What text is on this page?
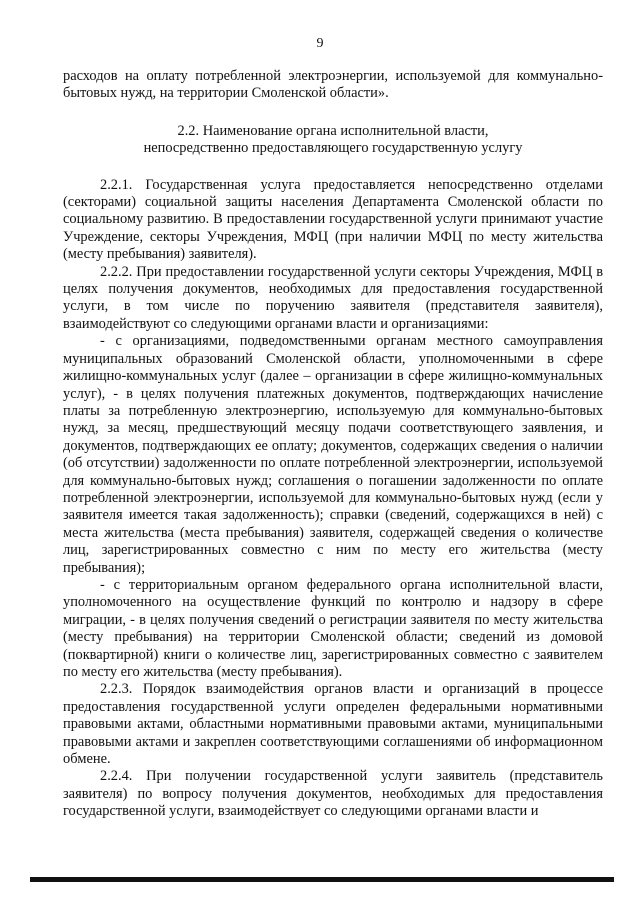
9

расходов на оплату потребленной электроэнергии, используемой для коммунально-бытовых нужд, на территории Смоленской области».

2.2. Наименование органа исполнительной власти,

непосредственно предоставляющего государственную услугу

2.2.1. Государственная услуга предоставляется непосредственно отделами (секторами) социальной защиты населения Департамента Смоленской области по социальному развитию. В предоставлении государственной услуги принимают участие Учреждение, секторы Учреждения, МФЦ (при наличии МФЦ по месту жительства (месту пребывания) заявителя).

2.2.2. При предоставлении государственной услуги секторы Учреждения, МФЦ в целях получения документов, необходимых для предоставления государственной услуги, в том числе по поручению заявителя (представителя заявителя), взаимодействуют со следующими органами власти и организациями:

- с организациями, подведомственными органам местного самоуправления муниципальных образований Смоленской области, уполномоченными в сфере жилищно-коммунальных услуг (далее – организации в сфере жилищно-коммунальных услуг), - в целях получения платежных документов, подтверждающих начисление платы за потребленную электроэнергию, используемую для коммунально-бытовых нужд, за месяц, предшествующий месяцу подачи соответствующего заявления, и документов, подтверждающих ее оплату; документов, содержащих сведения о наличии (об отсутствии) задолженности по оплате потребленной электроэнергии, используемой для коммунально-бытовых нужд; соглашения о погашении задолженности по оплате потребленной электроэнергии, используемой для коммунально-бытовых нужд (если у заявителя имеется такая задолженность); справки (сведений, содержащихся в ней) с места жительства (места пребывания) заявителя, содержащей сведения о количестве лиц, зарегистрированных совместно с ним по месту его жительства (месту пребывания);

- с территориальным органом федерального органа исполнительной власти, уполномоченного на осуществление функций по контролю и надзору в сфере миграции, - в целях получения сведений о регистрации заявителя по месту жительства (месту пребывания) на территории Смоленской области; сведений из домовой (поквартирной) книги о количестве лиц, зарегистрированных совместно с заявителем по месту его жительства (месту пребывания).

2.2.3. Порядок взаимодействия органов власти и организаций в процессе предоставления государственной услуги определен федеральными нормативными правовыми актами, областными нормативными правовыми актами, муниципальными правовыми актами и закреплен соответствующими соглашениями об информационном обмене.

2.2.4. При получении государственной услуги заявитель (представитель заявителя) по вопросу получения документов, необходимых для предоставления государственной услуги, взаимодействует со следующими органами власти и
